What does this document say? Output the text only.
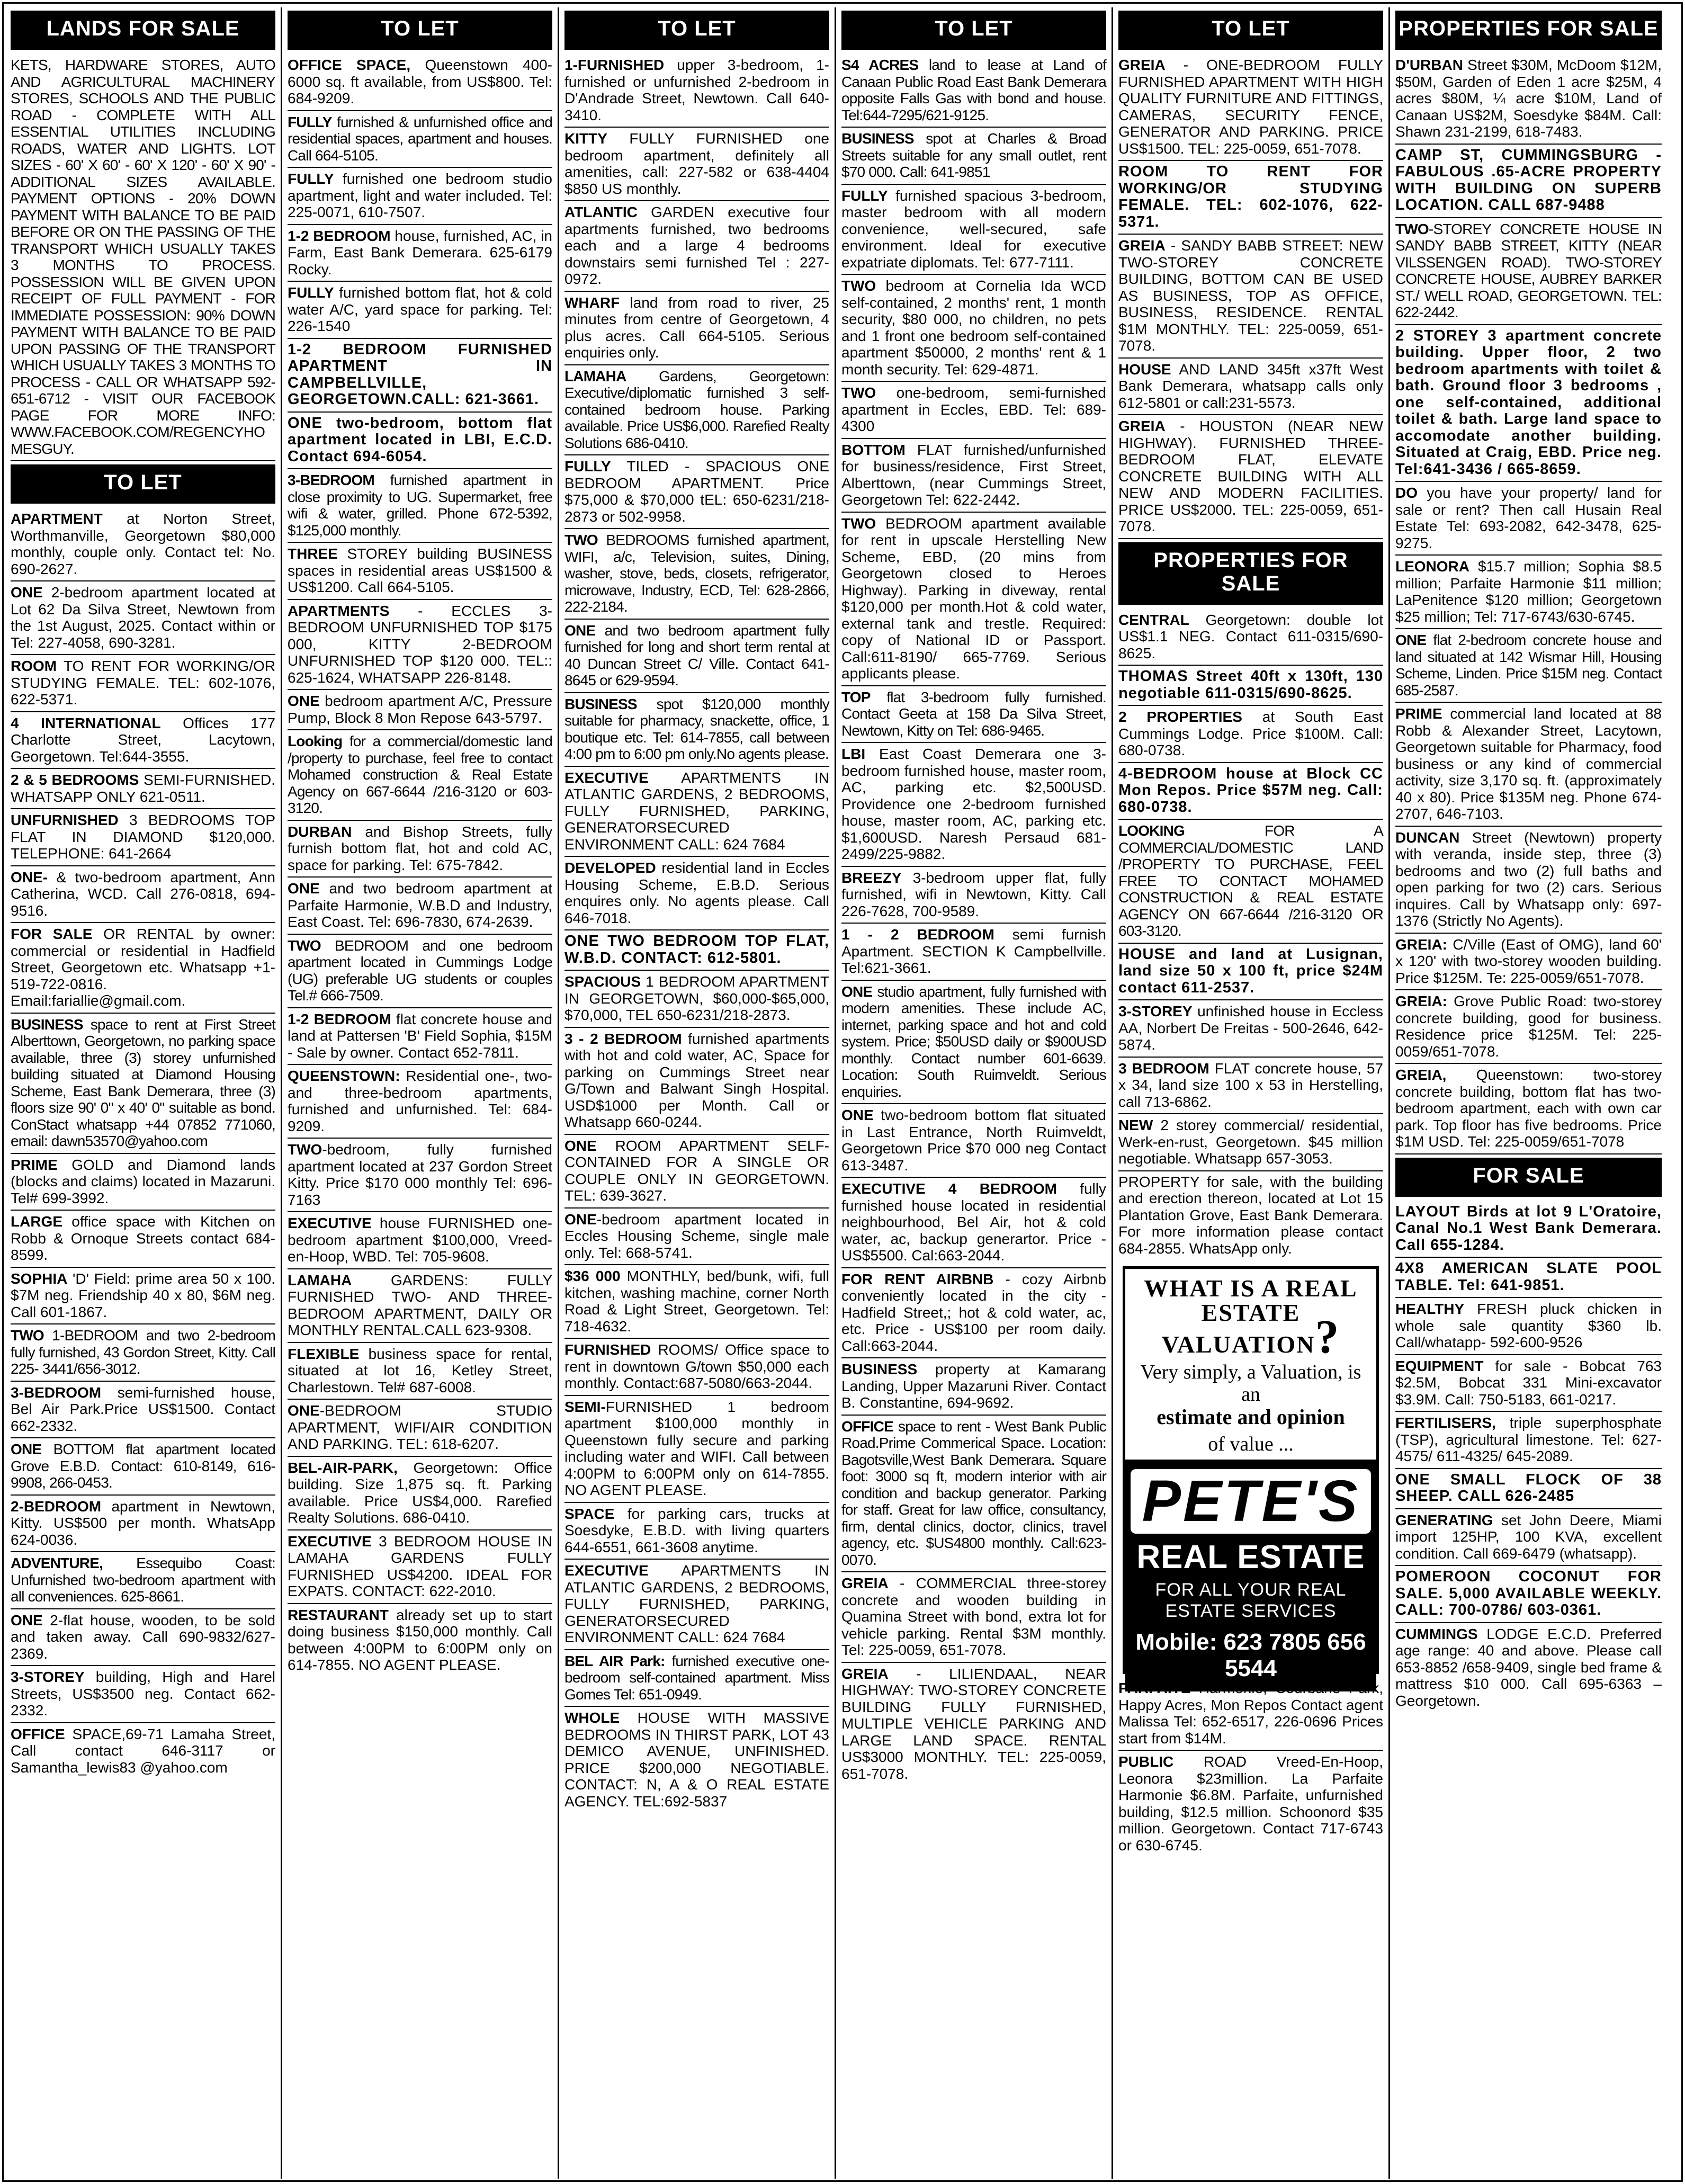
LANDS FOR SALE
KETS, HARDWARE STORES, AUTO AND AGRICULTURAL MACHINERY STORES, SCHOOLS AND THE PUBLIC ROAD - COMPLETE WITH ALL ESSENTIAL UTILITIES INCLUDING ROADS, WATER AND LIGHTS. LOT SIZES - 60' X 60' - 60' X 120' - 60' X 90' - ADDITIONAL SIZES AVAILABLE. PAYMENT OPTIONS - 20% DOWN PAYMENT WITH BALANCE TO BE PAID BEFORE OR ON THE PASSING OF THE TRANSPORT WHICH USUALLY TAKES 3 MONTHS TO PROCESS. POSSESSION WILL BE GIVEN UPON RECEIPT OF FULL PAYMENT - FOR IMMEDIATE POSSESSION: 90% DOWN PAYMENT WITH BALANCE TO BE PAID UPON PASSING OF THE TRANSPORT WHICH USUALLY TAKES 3 MONTHS TO PROCESS - CALL OR WHATSAPP 592-651-6712 - VISIT OUR FACEBOOK PAGE FOR MORE INFO: WWW.FACEBOOK.COM/REGENCYHOMESGUY.
TO LET
APARTMENT at Norton Street, Worthmanville, Georgetown $80,000 monthly, couple only. Contact tel: No. 690-2627.
ONE 2-bedroom apartment located at Lot 62 Da Silva Street, Newtown from the 1st August, 2025. Contact within or Tel: 227-4058, 690-3281.
ROOM TO RENT FOR WORKING/OR STUDYING FEMALE. TEL: 602-1076, 622-5371.
4 INTERNATIONAL Offices 177 Charlotte Street, Lacytown, Georgetown. Tel:644-3555.
2 & 5 BEDROOMS SEMI-FURNISHED. WHATSAPP ONLY 621-0511.
UNFURNISHED 3 BEDROOMS TOP FLAT IN DIAMOND $120,000. TELEPHONE: 641-2664
ONE- & two-bedroom apartment, Ann Catherina, WCD. Call 276-0818, 694-9516.
FOR SALE OR RENTAL by owner: commercial or residential in Hadfield Street, Georgetown etc. Whatsapp +1-519-722-0816. Email:fariallie@gmail.com.
BUSINESS space to rent at First Street Alberttown, Georgetown, no parking space available, three (3) storey unfurnished building situated at Diamond Housing Scheme, East Bank Demerara, three (3) floors size 90' 0" x 40' 0" suitable as bond. ConStact whatsapp +44 07852 771060, email: dawn53570@yahoo.com
PRIME GOLD and Diamond lands (blocks and claims) located in Mazaruni. Tel# 699-3992.
LARGE office space with Kitchen on Robb & Ornoque Streets contact 684-8599.
SOPHIA 'D' Field: prime area 50 x 100. $7M neg. Friendship 40 x 80, $6M neg. Call 601-1867.
TWO 1-BEDROOM and two 2-bedroom fully furnished, 43 Gordon Street, Kitty. Call 225- 3441/656-3012.
3-BEDROOM semi-furnished house, Bel Air Park.Price US$1500. Contact 662-2332.
ONE BOTTOM flat apartment located Grove E.B.D. Contact: 610-8149, 616-9908, 266-0453.
2-BEDROOM apartment in Newtown, Kitty. US$500 per month. WhatsApp 624-0036.
ADVENTURE, Essequibo Coast: Unfurnished two-bedroom apartment with all conveniences. 625-8661.
ONE 2-flat house, wooden, to be sold and taken away. Call 690-9832/627-2369.
3-STOREY building, High and Harel Streets, US$3500 neg. Contact 662-2332.
OFFICE SPACE,69-71 Lamaha Street, Call contact 646-3117 or Samantha_lewis83 @yahoo.com
TO LET
OFFICE SPACE, Queenstown 400-6000 sq. ft available, from US$800. Tel: 684-9209.
FULLY furnished & unfurnished office and residential spaces, apartment and houses. Call 664-5105.
FULLY furnished one bedroom studio apartment, light and water included. Tel: 225-0071, 610-7507.
1-2 BEDROOM house, furnished, AC, in Farm, East Bank Demerara. 625-6179 Rocky.
FULLY furnished bottom flat, hot & cold water A/C, yard space for parking. Tel: 226-1540
1-2 BEDROOM FURNISHED APARTMENT IN CAMPBELLVILLE, GEORGETOWN.CALL: 621-3661.
ONE two-bedroom, bottom flat apartment located in LBI, E.C.D. Contact 694-6054.
3-BEDROOM furnished apartment in close proximity to UG. Supermarket, free wifi & water, grilled. Phone 672-5392, $125,000 monthly.
THREE STOREY building BUSINESS spaces in residential areas US$1500 & US$1200. Call 664-5105.
APARTMENTS - ECCLES 3-BEDROOM UNFURNISHED TOP $175 000, KITTY 2-BEDROOM UNFURNISHED TOP $120 000. TEL:: 625-1624, WHATSAPP 226-8148.
ONE bedroom apartment A/C, Pressure Pump, Block 8 Mon Repose 643-5797.
Looking for a commercial/domestic land /property to purchase, feel free to contact Mohamed construction & Real Estate Agency on 667-6644 /216-3120 or 603-3120.
DURBAN and Bishop Streets, fully furnish bottom flat, hot and cold AC, space for parking. Tel: 675-7842.
ONE and two bedroom apartment at Parfaite Harmonie, W.B.D and Industry, East Coast. Tel: 696-7830, 674-2639.
TWO BEDROOM and one bedroom apartment located in Cummings Lodge (UG) preferable UG students or couples Tel.# 666-7509.
1-2 BEDROOM flat concrete house and land at Pattersen 'B' Field Sophia, $15M - Sale by owner. Contact 652-7811.
QUEENSTOWN: Residential one-, two- and three-bedroom apartments, furnished and unfurnished. Tel: 684-9209.
TWO-bedroom, fully furnished apartment located at 237 Gordon Street Kitty. Price $170 000 monthly Tel: 696-7163
EXECUTIVE house FURNISHED one-bedroom apartment $100,000, Vreed-en-Hoop, WBD. Tel: 705-9608.
LAMAHA GARDENS: FULLY FURNISHED TWO- AND THREE-BEDROOM APARTMENT, DAILY OR MONTHLY RENTAL.CALL 623-9308.
FLEXIBLE business space for rental, situated at lot 16, Ketley Street, Charlestown. Tel# 687-6008.
ONE-BEDROOM STUDIO APARTMENT, WIFI/AIR CONDITION AND PARKING. TEL: 618-6207.
BEL-AIR-PARK, Georgetown: Office building. Size 1,875 sq. ft. Parking available. Price US$4,000. Rarefied Realty Solutions. 686-0410.
EXECUTIVE 3 BEDROOM HOUSE IN LAMAHA GARDENS FULLY FURNISHED US$4200. IDEAL FOR EXPATS. CONTACT: 622-2010.
RESTAURANT already set up to start doing business $150,000 monthly. Call between 4:00PM to 6:00PM only on 614-7855. NO AGENT PLEASE.
TO LET
1-FURNISHED upper 3-bedroom, 1-furnished or unfurnished 2-bedroom in D'Andrade Street, Newtown. Call 640-3410.
KITTY FULLY FURNISHED one bedroom apartment, definitely all amenities, call: 227-582 or 638-4404 $850 US monthly.
ATLANTIC GARDEN executive four apartments furnished, two bedrooms each and a large 4 bedrooms downstairs semi furnished Tel : 227-0972.
WHARF land from road to river, 25 minutes from centre of Georgetown, 4 plus acres. Call 664-5105. Serious enquiries only.
LAMAHA Gardens, Georgetown: Executive/diplomatic furnished 3 self-contained bedroom house. Parking available. Price US$6,000. Rarefied Realty Solutions 686-0410.
FULLY TILED - SPACIOUS ONE BEDROOM APARTMENT. Price $75,000 & $70,000 tEL: 650-6231/218-2873 or 502-9958.
TWO BEDROOMS furnished apartment, WIFI, a/c, Television, suites, Dining, washer, stove, beds, closets, refrigerator, microwave, Industry, ECD, Tel: 628-2866, 222-2184.
ONE and two bedroom apartment fully furnished for long and short term rental at 40 Duncan Street C/ Ville. Contact 641-8645 or 629-9594.
BUSINESS spot $120,000 monthly suitable for pharmacy, snackette, office, 1 boutique etc. Tel: 614-7855, call between 4:00 pm to 6:00 pm only.No agents please.
EXECUTIVE APARTMENTS IN ATLANTIC GARDENS, 2 BEDROOMS, FULLY FURNISHED, PARKING, GENERATORSECURED ENVIRONMENT CALL: 624 7684
DEVELOPED residential land in Eccles Housing Scheme, E.B.D. Serious enquires only. No agents please. Call 646-7018.
ONE TWO BEDROOM TOP FLAT, W.B.D. CONTACT: 612-5801.
SPACIOUS 1 BEDROOM APARTMENT IN GEORGETOWN, $60,000-$65,000, $70,000, TEL 650-6231/218-2873.
3 - 2 BEDROOM furnished apartments with hot and cold water, AC, Space for parking on Cummings Street near G/Town and Balwant Singh Hospital. USD$1000 per Month. Call or Whatsapp 660-0244.
ONE ROOM APARTMENT SELF-CONTAINED FOR A SINGLE OR COUPLE ONLY IN GEORGETOWN. TEL: 639-3627.
ONE-bedroom apartment located in Eccles Housing Scheme, single male only. Tel: 668-5741.
$36 000 MONTHLY, bed/bunk, wifi, full kitchen, washing machine, corner North Road & Light Street, Georgetown. Tel: 718-4632.
FURNISHED ROOMS/ Office space to rent in downtown G/town $50,000 each monthly. Contact:687-5080/663-2044.
SEMI-FURNISHED 1 bedroom apartment $100,000 monthly in Queenstown fully secure and parking including water and WIFI. Call between 4:00PM to 6:00PM only on 614-7855. NO AGENT PLEASE.
SPACE for parking cars, trucks at Soesdyke, E.B.D. with living quarters 644-6551, 661-3608 anytime.
EXECUTIVE APARTMENTS IN ATLANTIC GARDENS, 2 BEDROOMS, FULLY FURNISHED, PARKING, GENERATORSECURED ENVIRONMENT CALL: 624 7684
BEL AIR Park: furnished executive one-bedroom self-contained apartment. Miss Gomes Tel: 651-0949.
WHOLE HOUSE WITH MASSIVE BEDROOMS IN THIRST PARK, LOT 43 DEMICO AVENUE, UNFINISHED. PRICE $200,000 NEGOTIABLE. CONTACT: N, A & O REAL ESTATE AGENCY. TEL:692-5837
TO LET
S4 ACRES land to lease at Land of Canaan Public Road East Bank Demerara opposite Falls Gas with bond and house. Tel:644-7295/621-9125.
BUSINESS spot at Charles & Broad Streets suitable for any small outlet, rent $70 000. Call: 641-9851
FULLY furnished spacious 3-bedroom, master bedroom with all modern convenience, well-secured, safe environment. Ideal for executive expatriate diplomats. Tel: 677-7111.
TWO bedroom at Cornelia Ida WCD self-contained, 2 months' rent, 1 month security, $80 000, no children, no pets and 1 front one bedroom self-contained apartment $50000, 2 months' rent & 1 month security. Tel: 629-4871.
TWO one-bedroom, semi-furnished apartment in Eccles, EBD. Tel: 689-4300
BOTTOM FLAT furnished/unfurnished for business/residence, First Street, Alberttown, (near Cummings Street, Georgetown Tel: 622-2442.
TWO BEDROOM apartment available for rent in upscale Herstelling New Scheme, EBD, (20 mins from Georgetown closed to Heroes Highway). Parking in diveway, rental $120,000 per month.Hot & cold water, external tank and trestle. Required: copy of National ID or Passport. Call:611-8190/ 665-7769. Serious applicants please.
TOP flat 3-bedroom fully furnished. Contact Geeta at 158 Da Silva Street, Newtown, Kitty on Tel: 686-9465.
LBI East Coast Demerara one 3-bedroom furnished house, master room, AC, parking etc. $2,500USD. Providence one 2-bedroom furnished house, master room, AC, parking etc. $1,600USD. Naresh Persaud 681-2499/225-9882.
BREEZY 3-bedroom upper flat, fully furnished, wifi in Newtown, Kitty. Call 226-7628, 700-9589.
1 - 2 BEDROOM semi furnish Apartment. SECTION K Campbellville. Tel:621-3661.
ONE studio apartment, fully furnished with modern amenities. These include AC, internet, parking space and hot and cold system. Price; $50USD daily or $900USD monthly. Contact number 601-6639. Location: South Ruimveldt. Serious enquiries.
ONE two-bedroom bottom flat situated in Last Entrance, North Ruimveldt, Georgetown Price $70 000 neg Contact 613-3487.
EXECUTIVE 4 BEDROOM fully furnished house located in residential neighbourhood, Bel Air, hot & cold water, ac, backup generartor. Price - US$5500. Cal:663-2044.
FOR RENT AIRBNB - cozy Airbnb conveniently located in the city - Hadfield Street,; hot & cold water, ac, etc. Price - US$100 per room daily. Call:663-2044.
BUSINESS property at Kamarang Landing, Upper Mazaruni River. Contact B. Constantine, 694-9692.
OFFICE space to rent - West Bank Public Road.Prime Commerical Space. Location: Bagotsville,West Bank Demerara. Square foot: 3000 sq ft, modern interior with air condition and backup generator. Parking for staff. Great for law office, consultancy, firm, dental clinics, doctor, clinics, travel agency, etc. $US4800 monthly. Call:623-0070.
GREIA - COMMERCIAL three-storey concrete and wooden building in Quamina Street with bond, extra lot for vehicle parking. Rental $3M monthly. Tel: 225-0059, 651-7078.
GREIA - LILIENDAAL, NEAR HIGHWAY: TWO-STOREY CONCRETE BUILDING FULLY FURNISHED, MULTIPLE VEHICLE PARKING AND LARGE LAND SPACE. RENTAL US$3000 MONTHLY. TEL: 225-0059, 651-7078.
TO LET
GREIA - ONE-BEDROOM FULLY FURNISHED APARTMENT WITH HIGH QUALITY FURNITURE AND FITTINGS, CAMERAS, SECURITY FENCE, GENERATOR AND PARKING. PRICE US$1500. TEL: 225-0059, 651-7078.
ROOM TO RENT FOR WORKING/OR STUDYING FEMALE. TEL: 602-1076, 622-5371.
GREIA - SANDY BABB STREET: NEW TWO-STOREY CONCRETE BUILDING, BOTTOM CAN BE USED AS BUSINESS, TOP AS OFFICE, BUSINESS, RESIDENCE. RENTAL $1M MONTHLY. TEL: 225-0059, 651-7078.
HOUSE AND LAND 345ft x37ft West Bank Demerara, whatsapp calls only 612-5801 or call:231-5573.
GREIA - HOUSTON (NEAR NEW HIGHWAY). FURNISHED THREE-BEDROOM FLAT, ELEVATE CONCRETE BUILDING WITH ALL NEW AND MODERN FACILITIES. PRICE US$2000. TEL: 225-0059, 651-7078.
PROPERTIES FOR SALE
CENTRAL Georgetown: double lot US$1.1 NEG. Contact 611-0315/690-8625.
THOMAS Street 40ft x 130ft, 130 negotiable 611-0315/690-8625.
2 PROPERTIES at South East Cummings Lodge. Price $100M. Call: 680-0738.
4-BEDROOM house at Block CC Mon Repos. Price $57M neg. Call: 680-0738.
LOOKING FOR A COMMERCIAL/DOMESTIC LAND /PROPERTY TO PURCHASE, FEEL FREE TO CONTACT MOHAMED CONSTRUCTION & REAL ESTATE AGENCY ON 667-6644 /216-3120 OR 603-3120.
HOUSE and land at Lusignan, land size 50 x 100 ft, price $24M contact 611-2537.
3-STOREY unfinished house in Eccless AA, Norbert De Freitas - 500-2646, 642-5874.
3 BEDROOM FLAT concrete house, 57 x 34, land size 100 x 53 in Herstelling, call 713-6862.
NEW 2 storey commercial/ residential, Werk-en-rust, Georgetown. $45 million negotiable. Whatsapp 657-3053.
PROPERTY for sale, with the building and erection thereon, located at Lot 15 Plantation Grove, East Bank Demerara. For more information please contact 684-2855. WhatsApp only.
WHAT IS A REAL ESTATE VALUATION?
Very simply, a Valuation, is an
estimate and opinion
of value ...
PETE'S
REAL ESTATE
FOR ALL YOUR REAL ESTATE SERVICES
Mobile: 623 7805 656 5544
PARFAITE Harmonie, Courbane Park, Happy Acres, Mon Repos Contact agent Malissa Tel: 652-6517, 226-0696 Prices start from $14M.
PUBLIC ROAD Vreed-En-Hoop, Leonora $23million. La Parfaite Harmonie $6.8M. Parfaite, unfurnished building, $12.5 million. Schoonord $35 million. Georgetown. Contact 717-6743 or 630-6745.
PROPERTIES FOR SALE
D'URBAN Street $30M, McDoom $12M, $50M, Garden of Eden 1 acre $25M, 4 acres $80M, ¼ acre $10M, Land of Canaan US$2M, Soesdyke $84M. Call: Shawn 231-2199, 618-7483.
CAMP ST, CUMMINGSBURG - FABULOUS .65-ACRE PROPERTY WITH BUILDING ON SUPERB LOCATION. CALL 687-9488
TWO-STOREY CONCRETE HOUSE IN SANDY BABB STREET, KITTY (NEAR VILSSENGEN ROAD). TWO-STOREY CONCRETE HOUSE, AUBREY BARKER ST./ WELL ROAD, GEORGETOWN. TEL: 622-2442.
2 STOREY 3 apartment concrete building. Upper floor, 2 two bedroom apartments with toilet & bath. Ground floor 3 bedrooms , one self-contained, additional toilet & bath. Large land space to accomodate another building. Situated at Craig, EBD. Price neg. Tel:641-3436 / 665-8659.
DO you have your property/ land for sale or rent? Then call Husain Real Estate Tel: 693-2082, 642-3478, 625-9275.
LEONORA $15.7 million; Sophia $8.5 million; Parfaite Harmonie $11 million; LaPenitence $120 million; Georgetown $25 million; Tel: 717-6743/630-6745.
ONE flat 2-bedroom concrete house and land situated at 142 Wismar Hill, Housing Scheme, Linden. Price $15M neg. Contact 685-2587.
PRIME commercial land located at 88 Robb & Alexander Street, Lacytown, Georgetown suitable for Pharmacy, food business or any kind of commercial activity, size 3,170 sq. ft. (approximately 40 x 80). Price $135M neg. Phone 674-2707, 646-7103.
DUNCAN Street (Newtown) property with veranda, inside step, three (3) bedrooms and two (2) full baths and open parking for two (2) cars. Serious inquires. Call by Whatsapp only: 697-1376 (Strictly No Agents).
GREIA: C/Ville (East of OMG), land 60' x 120' with two-storey wooden building. Price $125M. Te: 225-0059/651-7078.
GREIA: Grove Public Road: two-storey concrete building, good for business. Residence price $125M. Tel: 225-0059/651-7078.
GREIA, Queenstown: two-storey concrete building, bottom flat has two-bedroom apartment, each with own car park. Top floor has five bedrooms. Price $1M USD. Tel: 225-0059/651-7078
FOR SALE
LAYOUT Birds at lot 9 L'Oratoire, Canal No.1 West Bank Demerara. Call 655-1284.
4X8 AMERICAN SLATE POOL TABLE. Tel: 641-9851.
HEALTHY FRESH pluck chicken in whole sale quantity $360 lb. Call/whatapp- 592-600-9526
EQUIPMENT for sale - Bobcat 763 $2.5M, Bobcat 331 Mini-excavator $3.9M. Call: 750-5183, 661-0217.
FERTILISERS, triple superphosphate (TSP), agricultural limestone. Tel: 627-4575/ 611-4325/ 645-2089.
ONE SMALL FLOCK OF 38 SHEEP. CALL 626-2485
GENERATING set John Deere, Miami import 125HP, 100 KVA, excellent condition. Call 669-6479 (whatsapp).
POMEROON COCONUT FOR SALE. 5,000 AVAILABLE WEEKLY. CALL: 700-0786/ 603-0361.
CUMMINGS LODGE E.C.D. Preferred age range: 40 and above. Please call 653-8852 /658-9409, single bed frame & mattress $10 000. Call 695-6363 – Georgetown.
